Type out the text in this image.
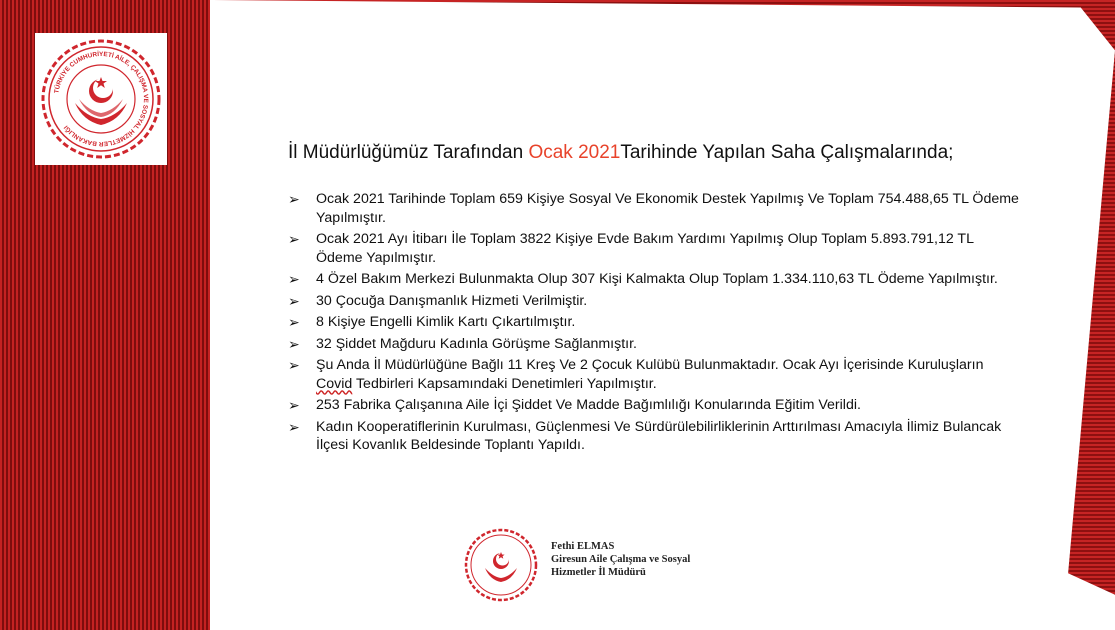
TÜRKİYE CUMHURİYETİ AİLE, ÇALIŞMA VE SOSYAL HİZMETLER BAKANLIĞI
İl Müdürlüğümüz Tarafından Ocak 2021Tarihinde Yapılan Saha Çalışmalarında;
➢ Ocak 2021 Tarihinde Toplam 659 Kişiye Sosyal Ve Ekonomik Destek Yapılmış Ve Toplam 754.488,65 TL Ödeme Yapılmıştır.
➢ Ocak 2021 Ayı İtibarı İle Toplam 3822 Kişiye Evde Bakım Yardımı Yapılmış Olup Toplam 5.893.791,12 TL Ödeme Yapılmıştır.
➢ 4 Özel Bakım Merkezi Bulunmakta Olup 307 Kişi Kalmakta Olup Toplam 1.334.110,63 TL Ödeme Yapılmıştır.
➢ 30 Çocuğa Danışmanlık Hizmeti Verilmiştir.
➢ 8 Kişiye Engelli Kimlik Kartı Çıkartılmıştır.
➢ 32 Şiddet Mağduru Kadınla Görüşme Sağlanmıştır.
➢ Şu Anda İl Müdürlüğüne Bağlı 11 Kreş Ve 2 Çocuk Kulübü Bulunmaktadır. Ocak Ayı İçerisinde Kuruluşların Covid Tedbirleri Kapsamındaki Denetimleri Yapılmıştır.
➢ 253 Fabrika Çalışanına Aile İçi Şiddet Ve Madde Bağımlılığı Konularında Eğitim Verildi.
➢ Kadın Kooperatiflerinin Kurulması, Güçlenmesi Ve Sürdürülebilirliklerinin Arttırılması Amacıyla İlimiz Bulancak İlçesi Kovanlık Beldesinde Toplantı Yapıldı.
Fethi ELMAS
Giresun Aile Çalışma ve Sosyal
Hizmetler İl Müdürü
www.aile.gov.tr
